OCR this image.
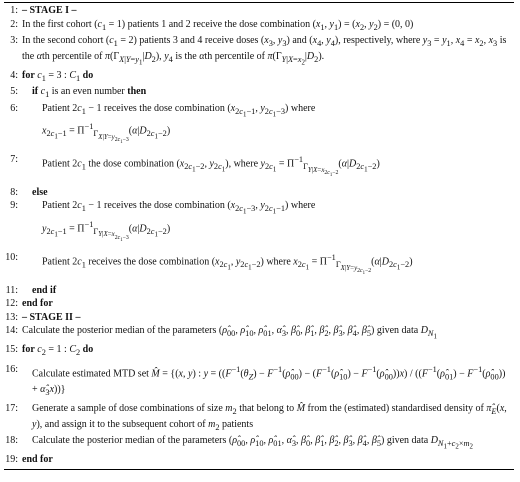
1: – STAGE I –
2: In the first cohort $(c_1 = 1)$ patients 1 and 2 receive the dose combination ($x_1$, $y_1) = (x_2$, $y_2) = (0$, 0)
3: In the second cohort $(c_1 = 2)$ patients 3 and 4 receive doses ($x_3$, $y_3$) and ($x_4$, $y_4$), respectively, where $y_3 = y_1$, $x_4 = x_2$, $x_3$ is the αth percentile of $\pi(\Gamma_{X|Y=y_1}|D_2)$, $y_4$ is the αth percentile of $\pi(\Gamma_{Y|X=x_2}|D_2)$.
4: for $c_1 = 3$ : $C_1$ do
5:	if $c_1$ is an even number then
6:	Patient $2c_1 - 1$ receives the dose combination ($x_{2c_1-1}$, $y_{2c_1-3}$) where
$x_{2c_1-1} = \Pi^{-1}_{\Gamma_{X|Y=y_{2c_1-3}}}(\alpha|D_{2c_1-2})$
7:	Patient $2c_1$ the dose combination ($x_{2c_1-2}$, $y_{2c_1}$), where $y_{2c_1} = \Pi^{-1}_{\Gamma_{Y|X=x_{2c_1-2}}}(\alpha|D_{2c_1-2})$
8:	else
9:	Patient $2c_1 - 1$ receives the dose combination ($x_{2c_1-3}$, $y_{2c_1-1}$) where
$y_{2c_1-1} = \Pi^{-1}_{\Gamma_{Y|X=x_{2c_1-3}}}(\alpha|D_{2c_1-2})$
10:	Patient $2c_1$ receives the dose combination ($x_{2c_1}$, $y_{2c_1-2}$) where $x_{2c_1} = \Pi^{-1}_{\Gamma_{X|Y=y_{2c_1-2}}}(\alpha|D_{2c_1-2})$
11:	end if
12: end for
13: – STAGE II –
14: Calculate the posterior median of the parameters ($\rhô_{00}$, $\rhô_{10}$, $\rhô_{01}$, $\alphâ_3$, $\betâ_0$, $\betâ_1$, $\betâ_2$, $\betâ_3$, $\betâ_4$, $\betâ_5$) given data $D_{N_1}$
15: for $c_2 = 1$ : $C_2$ do
16:	Calculate estimated MTD set M̂ = {(x, y) : $y = ((F^{-1}(\theta_Z)$ − $F^{-1}(\rhô_{00})$ − ($F^{-1}(\rhô_{10})$ − $F^{-1}(\rhô_{00}))x$) / (($F^{-1}(\rhô_{01})$ − $F^{-1}(\rhô_{00})$) + $\alphâ_3x$))}
17:	Generate a sample of dose combinations of size $m_2$ that belong to M̂ from the (estimated) standardised density of $\pî_E(x$, y), and assign it to the subsequent cohort of $m_2$ patients
18:	Calculate the posterior median of the parameters ($\rhô_{00}$, $\rhô_{10}$, $\rhô_{01}$, $\alphâ_3$, $\betâ_0$, $\betâ_1$, $\betâ_2$, $\betâ_3$, $\betâ_4$, $\betâ_5$) given data $D_{N_1+c_2\times m_2}$
19: end for
